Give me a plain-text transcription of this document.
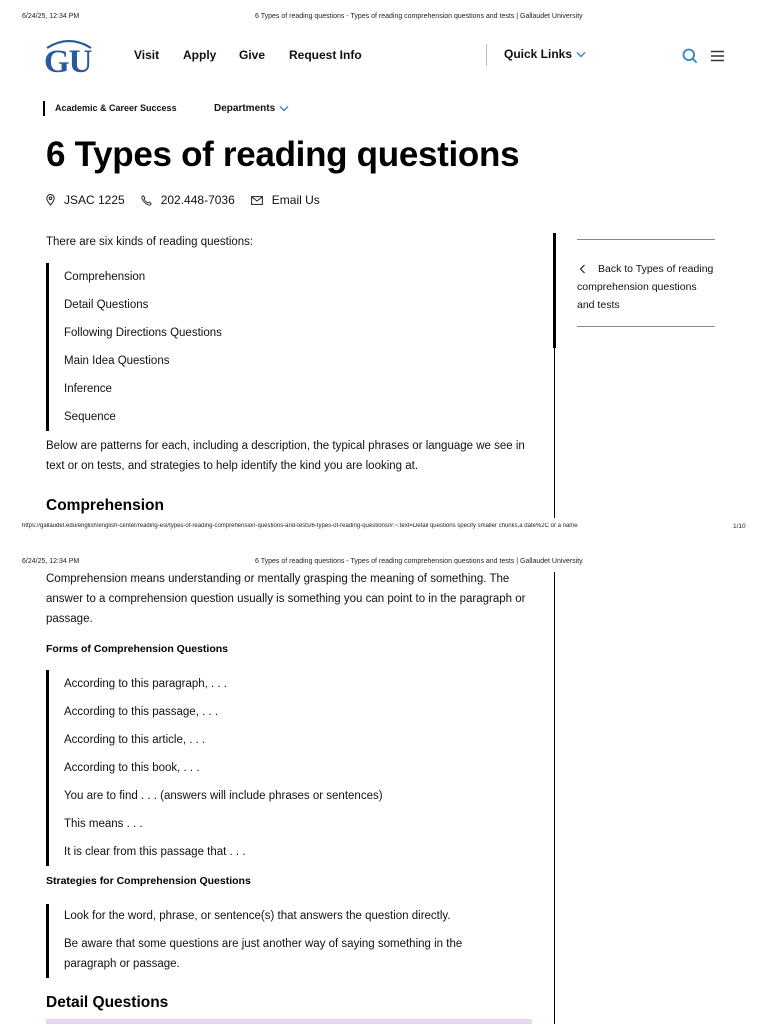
6/24/25, 12:34 PM	6 Types of reading questions - Types of reading comprehension questions and tests | Gallaudet University
GU	Visit Apply Give Request Info	Quick Links
Academic & Career Success	Departments
6 Types of reading questions
JSAC 1225	202.448-7036	Email Us

There are six kinds of reading questions:

Comprehension
Detail Questions
Following Directions Questions
Main Idea Questions
Inference
Sequence

Below are patterns for each, including a description, the typical phrases or language we see in text or on tests, and strategies to help identify the kind you are looking at.

Comprehension

Back to Types of reading comprehension questions and tests

https://gallaudet.edu/english/english-center/reading-esl/types-of-reading-comprehension-questions-and-tests/6-types-of-reading-questions/#:~:text=Detail questions specify smaller chunks,a date%2C or a name	1/10
6/24/25, 12:34 PM	6 Types of reading questions - Types of reading comprehension questions and tests | Gallaudet University

Comprehension means understanding or mentally grasping the meaning of something. The answer to a comprehension question usually is something you can point to in the paragraph or passage.

Forms of Comprehension Questions
According to this paragraph, . . .
According to this passage, . . .
According to this article, . . .
According to this book, . . .
You are to find . . . (answers will include phrases or sentences)
This means . . .
It is clear from this passage that . . .
Strategies for Comprehension Questions

Look for the word, phrase, or sentence(s) that answers the question directly.

Be aware that some questions are just another way of saying something in the paragraph or passage.

Detail Questions
